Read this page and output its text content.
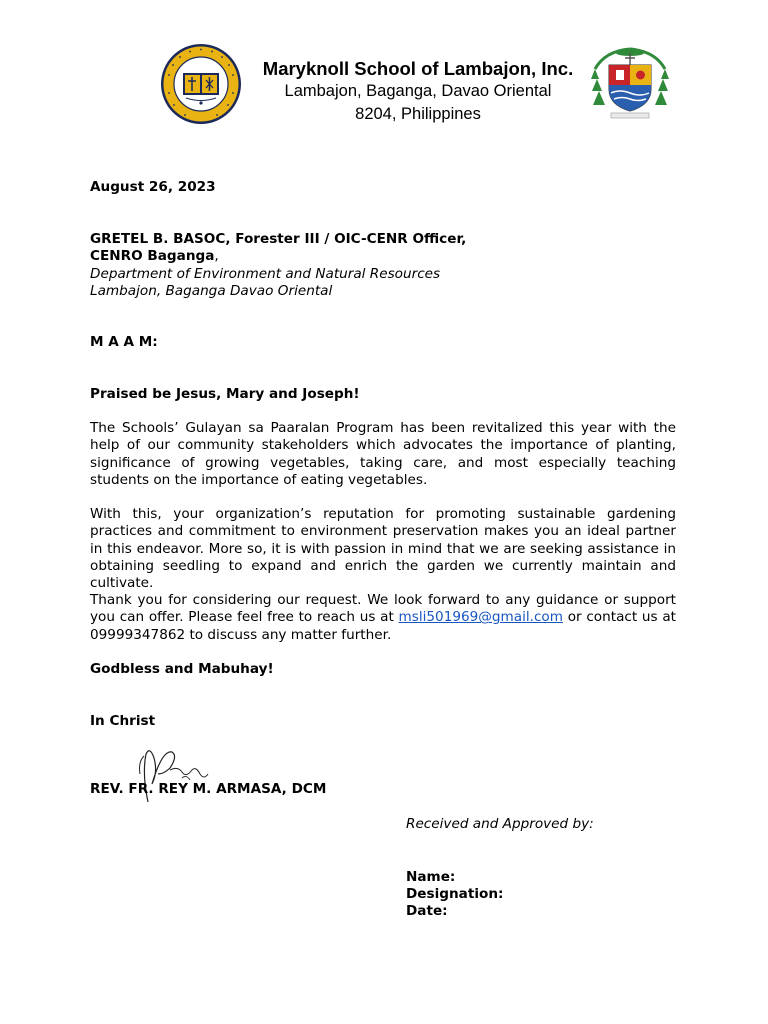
Maryknoll School of Lambajon, Inc.
Lambajon, Baganga, Davao Oriental
8204, Philippines
August 26, 2023
GRETEL B. BASOC, Forester III / OIC-CENR Officer,
CENRO Baganga,
Department of Environment and Natural Resources
Lambajon, Baganga Davao Oriental
M A A M:
Praised be Jesus, Mary and Joseph!
The Schools’ Gulayan sa Paaralan Program has been revitalized this year with the help of our community stakeholders which advocates the importance of planting, significance of growing vegetables, taking care, and most especially teaching students on the importance of eating vegetables.
With this, your organization’s reputation for promoting sustainable gardening practices and commitment to environment preservation makes you an ideal partner in this endeavor. More so, it is with passion in mind that we are seeking assistance in obtaining seedling to expand and enrich the garden we currently maintain and cultivate.
Thank you for considering our request. We look forward to any guidance or support you can offer. Please feel free to reach us at msli501969@gmail.com or contact us at 09999347862 to discuss any matter further.
Godbless and Mabuhay!
In Christ
REV. FR. REY M. ARMASA, DCM
Received and Approved by:
Name:
Designation:
Date:
